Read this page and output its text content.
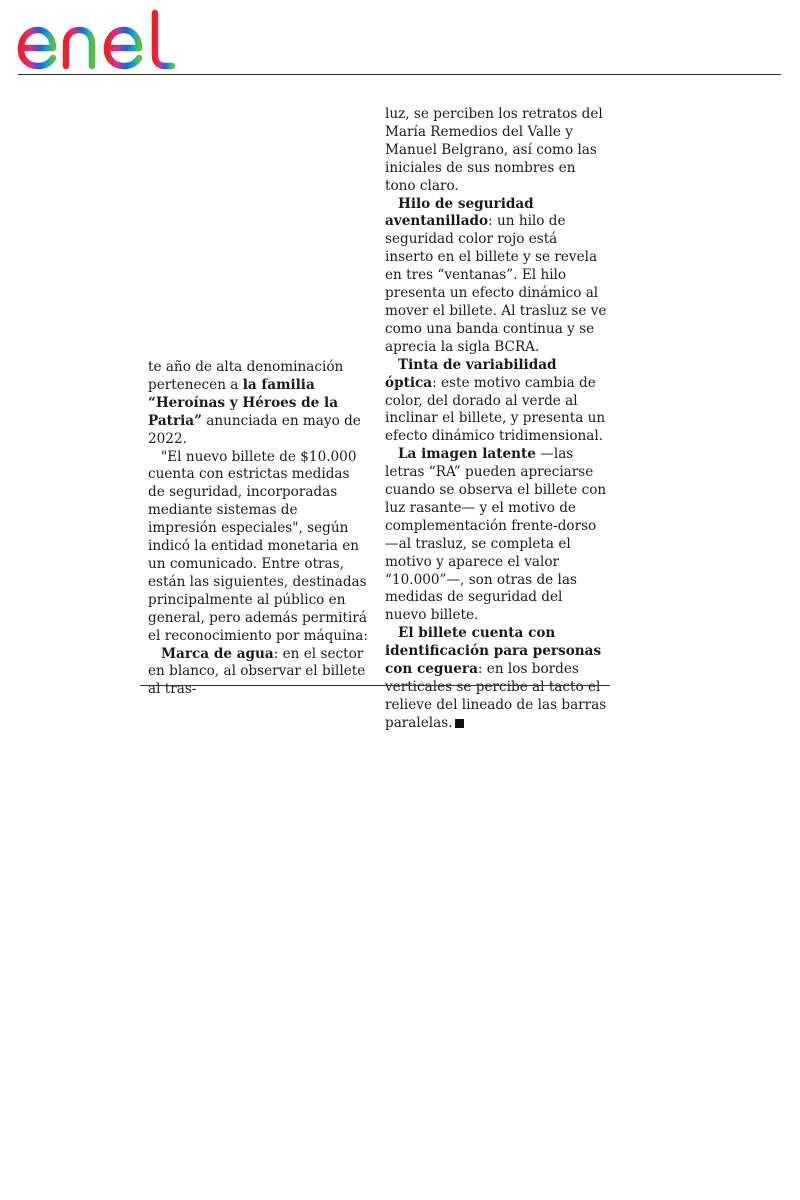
te año de alta denominación pertenecen a la familia “Heroínas y Héroes de la Patria” anunciada en mayo de 2022.

"El nuevo billete de $10.000 cuenta con estrictas medidas de seguridad, incorporadas mediante sistemas de impresión especiales", según indicó la entidad monetaria en un comunicado. Entre otras, están las siguientes, destinadas principalmente al público en general, pero además permitirá el reconocimiento por máquina:

Marca de agua: en el sector en blanco, al observar el billete al tras-

luz, se perciben los retratos del María Remedios del Valle y Manuel Belgrano, así como las iniciales de sus nombres en tono claro.

Hilo de seguridad aventanillado: un hilo de seguridad color rojo está inserto en el billete y se revela en tres “ventanas”. El hilo presenta un efecto dinámico al mover el billete. Al trasluz se ve como una banda continua y se aprecia la sigla BCRA.

Tinta de variabilidad óptica: este motivo cambia de color, del dorado al verde al inclinar el billete, y presenta un efecto dinámico tridimensional.

La imagen latente —las letras “RA” pueden apreciarse cuando se observa el billete con luz rasante— y el motivo de complementación frente-dorso —al trasluz, se completa el motivo y aparece el valor “10.000”—, son otras de las medidas de seguridad del nuevo billete.

El billete cuenta con identificación para personas con ceguera: en los bordes verticales se percibe al tacto el relieve del lineado de las barras paralelas.
